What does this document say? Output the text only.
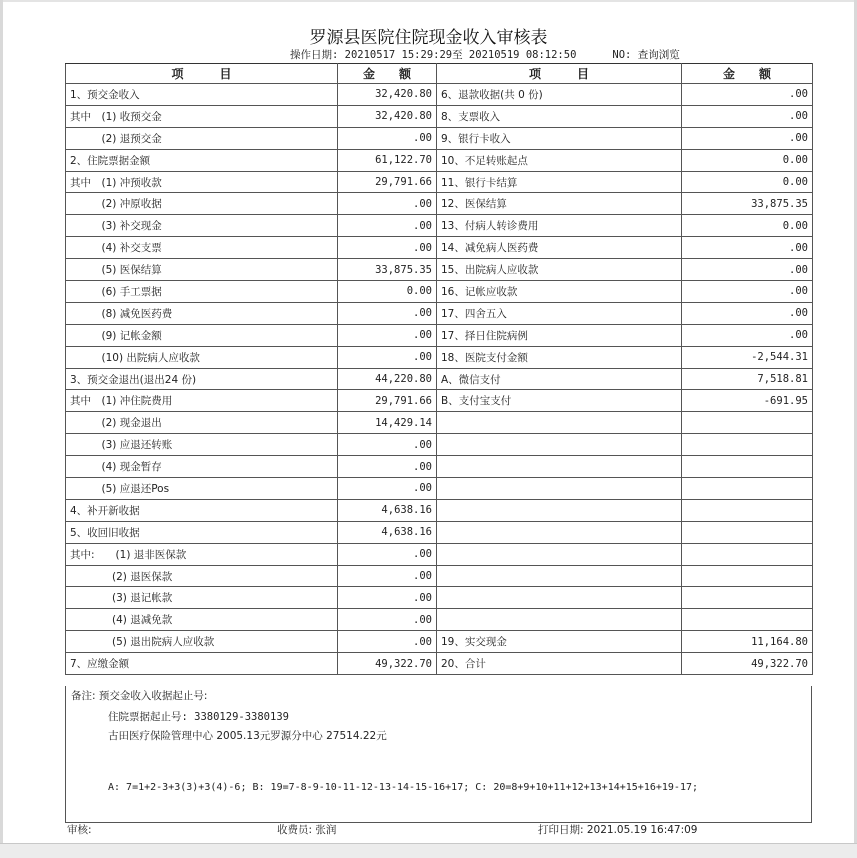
罗源县医院住院现金收入审核表
操作日期: 20210517 15:29:29至 20210519 08:12:50	NO: 查询浏览
项　　　目	金　　额	项　　　目	金　　额
1、预交金收入	32,420.80	6、退款收据(共 0 份)	.00
其中　(1) 收预交金	32,420.80	8、支票收入	.00
　　　(2) 退预交金	.00	9、银行卡收入	.00
2、住院票据金额	61,122.70	10、不足转账起点	0.00
其中　(1) 冲预收款	29,791.66	11、银行卡结算	0.00
　　　(2) 冲原收据	.00	12、医保结算	33,875.35
　　　(3) 补交现金	.00	13、付病人转诊费用	0.00
　　　(4) 补交支票	.00	14、减免病人医药费	.00
　　　(5) 医保结算	33,875.35	15、出院病人应收款	.00
　　　(6) 手工票据	0.00	16、记帐应收款	.00
　　　(8) 减免医药费	.00	17、四舍五入	.00
　　　(9) 记帐金额	.00	17、择日住院病例	.00
　　　(10) 出院病人应收款	.00	18、医院支付金额	-2,544.31
3、预交金退出(退出24 份)	44,220.80	A、微信支付	7,518.81
其中　(1) 冲住院费用	29,791.66	B、支付宝支付	-691.95
　　　(2) 现金退出	14,429.14		
　　　(3) 应退还转账	.00		
　　　(4) 现金暂存	.00		
　　　(5) 应退还Pos	.00		
4、补开新收据	4,638.16		
5、收回旧收据	4,638.16		
其中:　　(1) 退非医保款	.00		
　　　　(2) 退医保款	.00		
　　　　(3) 退记帐款	.00		
　　　　(4) 退减免款	.00		
　　　　(5) 退出院病人应收款	.00	19、实交现金	11,164.80
7、应缴金额	49,322.70	20、合计	49,322.70
备注: 预交金收入收据起止号:
住院票据起止号: 3380129-3380139
古田医疗保险管理中心 2005.13元罗源分中心 27514.22元
A: 7=1+2-3+3(3)+3(4)-6; B: 19=7-8-9-10-11-12-13-14-15-16+17; C: 20=8+9+10+11+12+13+14+15+16+19-17;
审核:	收费员: 张润	打印日期: 2021.05.19 16:47:09
